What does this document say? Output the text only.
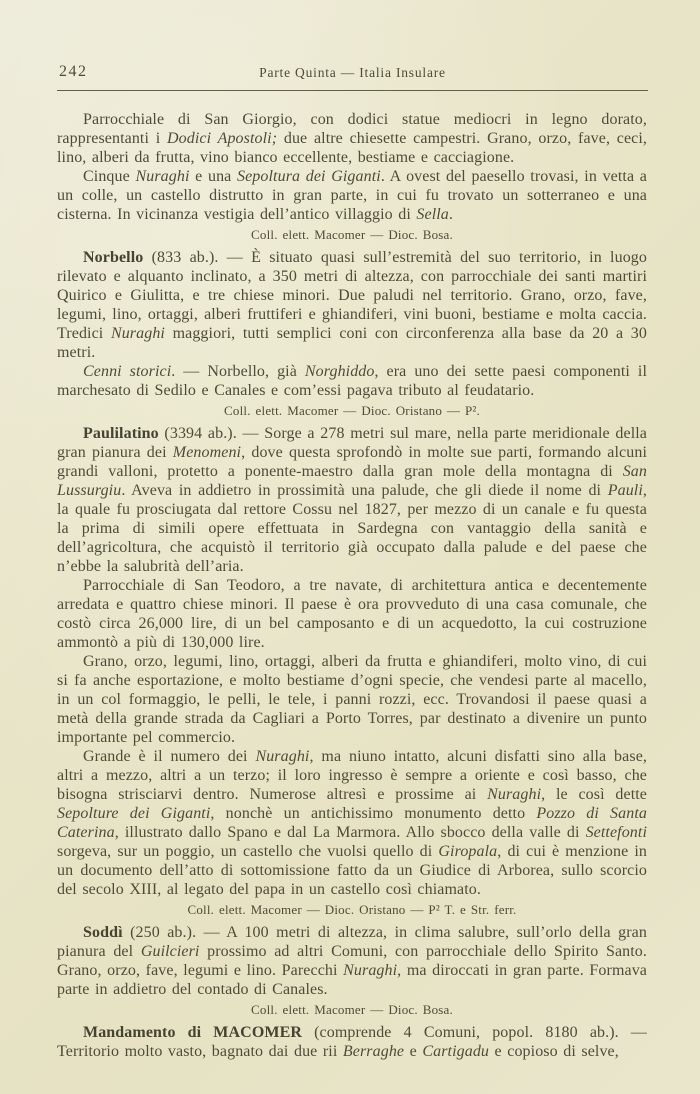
242	Parte Quinta — Italia Insulare

Parrocchiale di San Giorgio, con dodici statue mediocri in legno dorato, rappresentanti i Dodici Apostoli; due altre chiesette campestri. Grano, orzo, fave, ceci, lino, alberi da frutta, vino bianco eccellente, bestiame e cacciagione.

Cinque Nuraghi e una Sepoltura dei Giganti. A ovest del paesello trovasi, in vetta a un colle, un castello distrutto in gran parte, in cui fu trovato un sotterraneo e una cisterna. In vicinanza vestigia dell’antico villaggio di Sella.

Coll. elett. Macomer — Dioc. Bosa.

Norbello (833 ab.). — È situato quasi sull’estremità del suo territorio, in luogo rilevato e alquanto inclinato, a 350 metri di altezza, con parrocchiale dei santi martiri Quirico e Giulitta, e tre chiese minori. Due paludi nel territorio. Grano, orzo, fave, legumi, lino, ortaggi, alberi fruttiferi e ghiandiferi, vini buoni, bestiame e molta caccia. Tredici Nuraghi maggiori, tutti semplici coni con circonferenza alla base da 20 a 30 metri.

Cenni storici. — Norbello, già Norghiddo, era uno dei sette paesi componenti il marchesato di Sedilo e Canales e com’essi pagava tributo al feudatario.

Coll. elett. Macomer — Dioc. Oristano — P².

Paulilatino (3394 ab.). — Sorge a 278 metri sul mare, nella parte meridionale della gran pianura dei Menomeni, dove questa sprofondò in molte sue parti, formando alcuni grandi valloni, protetto a ponente-maestro dalla gran mole della montagna di San Lussurgiu. Aveva in addietro in prossimità una palude, che gli diede il nome di Pauli, la quale fu prosciugata dal rettore Cossu nel 1827, per mezzo di un canale e fu questa la prima di simili opere effettuata in Sardegna con vantaggio della sanità e dell’agricoltura, che acquistò il territorio già occupato dalla palude e del paese che n’ebbe la salubrità dell’aria.

Parrocchiale di San Teodoro, a tre navate, di architettura antica e decentemente arredata e quattro chiese minori. Il paese è ora provveduto di una casa comunale, che costò circa 26,000 lire, di un bel camposanto e di un acquedotto, la cui costruzione ammontò a più di 130,000 lire.

Grano, orzo, legumi, lino, ortaggi, alberi da frutta e ghiandiferi, molto vino, di cui si fa anche esportazione, e molto bestiame d’ogni specie, che vendesi parte al macello, in un col formaggio, le pelli, le tele, i panni rozzi, ecc. Trovandosi il paese quasi a metà della grande strada da Cagliari a Porto Torres, par destinato a divenire un punto importante pel commercio.

Grande è il numero dei Nuraghi, ma niuno intatto, alcuni disfatti sino alla base, altri a mezzo, altri a un terzo; il loro ingresso è sempre a oriente e così basso, che bisogna strisciarvi dentro. Numerose altresì e prossime ai Nuraghi, le così dette Sepolture dei Giganti, nonchè un antichissimo monumento detto Pozzo di Santa Caterina, illustrato dallo Spano e dal La Marmora. Allo sbocco della valle di Settefonti sorgeva, sur un poggio, un castello che vuolsi quello di Giropala, di cui è menzione in un documento dell’atto di sottomissione fatto da un Giudice di Arborea, sullo scorcio del secolo XIII, al legato del papa in un castello così chiamato.

Coll. elett. Macomer — Dioc. Oristano — P² T. e Str. ferr.

Soddì (250 ab.). — A 100 metri di altezza, in clima salubre, sull’orlo della gran pianura del Guilcieri prossimo ad altri Comuni, con parrocchiale dello Spirito Santo. Grano, orzo, fave, legumi e lino. Parecchi Nuraghi, ma diroccati in gran parte. Formava parte in addietro del contado di Canales.

Coll. elett. Macomer — Dioc. Bosa.

Mandamento di MACOMER (comprende 4 Comuni, popol. 8180 ab.). — Territorio molto vasto, bagnato dai due rii Berraghe e Cartigadu e copioso di selve,
